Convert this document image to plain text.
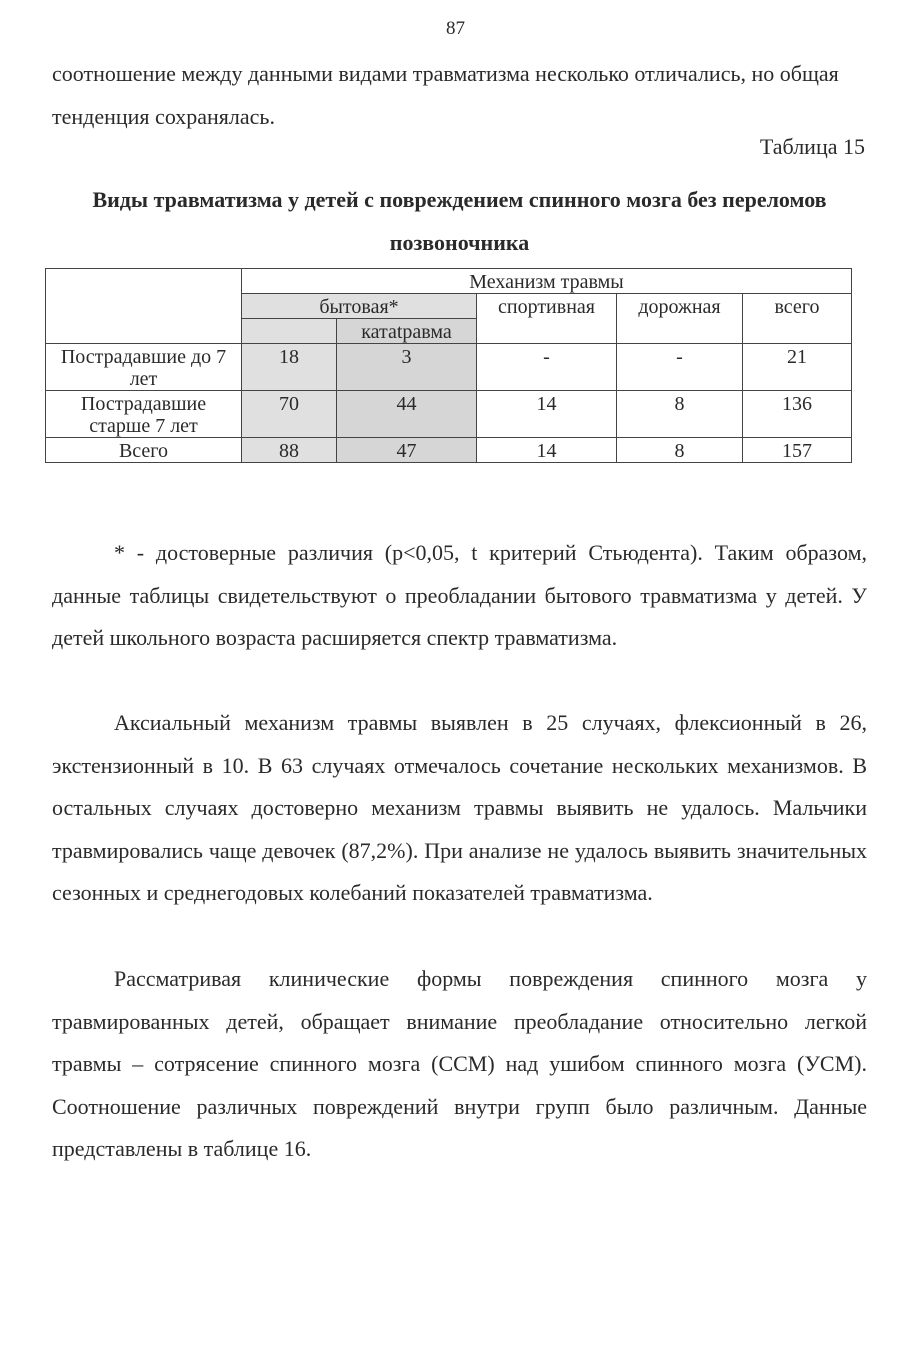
87

соотношение между данными видами травматизма несколько отличались, но общая тенденция сохранялась.

Таблица 15

Виды травматизма у детей с повреждением спинного мозга без переломов позвоночника

	Механизм травмы				
	бытовая*		спортивная	дорожная	всего
		катаtравма			
Пострадавшие до 7 лет	18	3	-	-	21
Пострадавшие старше 7 лет	70	44	14	8	136
Всего	88	47	14	8	157

* - достоверные различия (p<0,05, t критерий Стьюдента). Таким образом, данные таблицы свидетельствуют о преобладании бытового травматизма у детей. У детей школьного возраста расширяется спектр травматизма.

Аксиальный механизм травмы выявлен в 25 случаях, флексионный в 26, экстензионный в 10. В 63 случаях отмечалось сочетание нескольких механизмов. В остальных случаях достоверно механизм травмы выявить не удалось. Мальчики травмировались чаще девочек (87,2%). При анализе не удалось выявить значительных сезонных и среднегодовых колебаний показателей травматизма.

Рассматривая клинические формы повреждения спинного мозга у травмированных детей, обращает внимание преобладание относительно легкой травмы – сотрясение спинного мозга (ССМ) над ушибом спинного мозга (УСМ). Соотношение различных повреждений внутри групп было различным. Данные представлены в таблице 16.
